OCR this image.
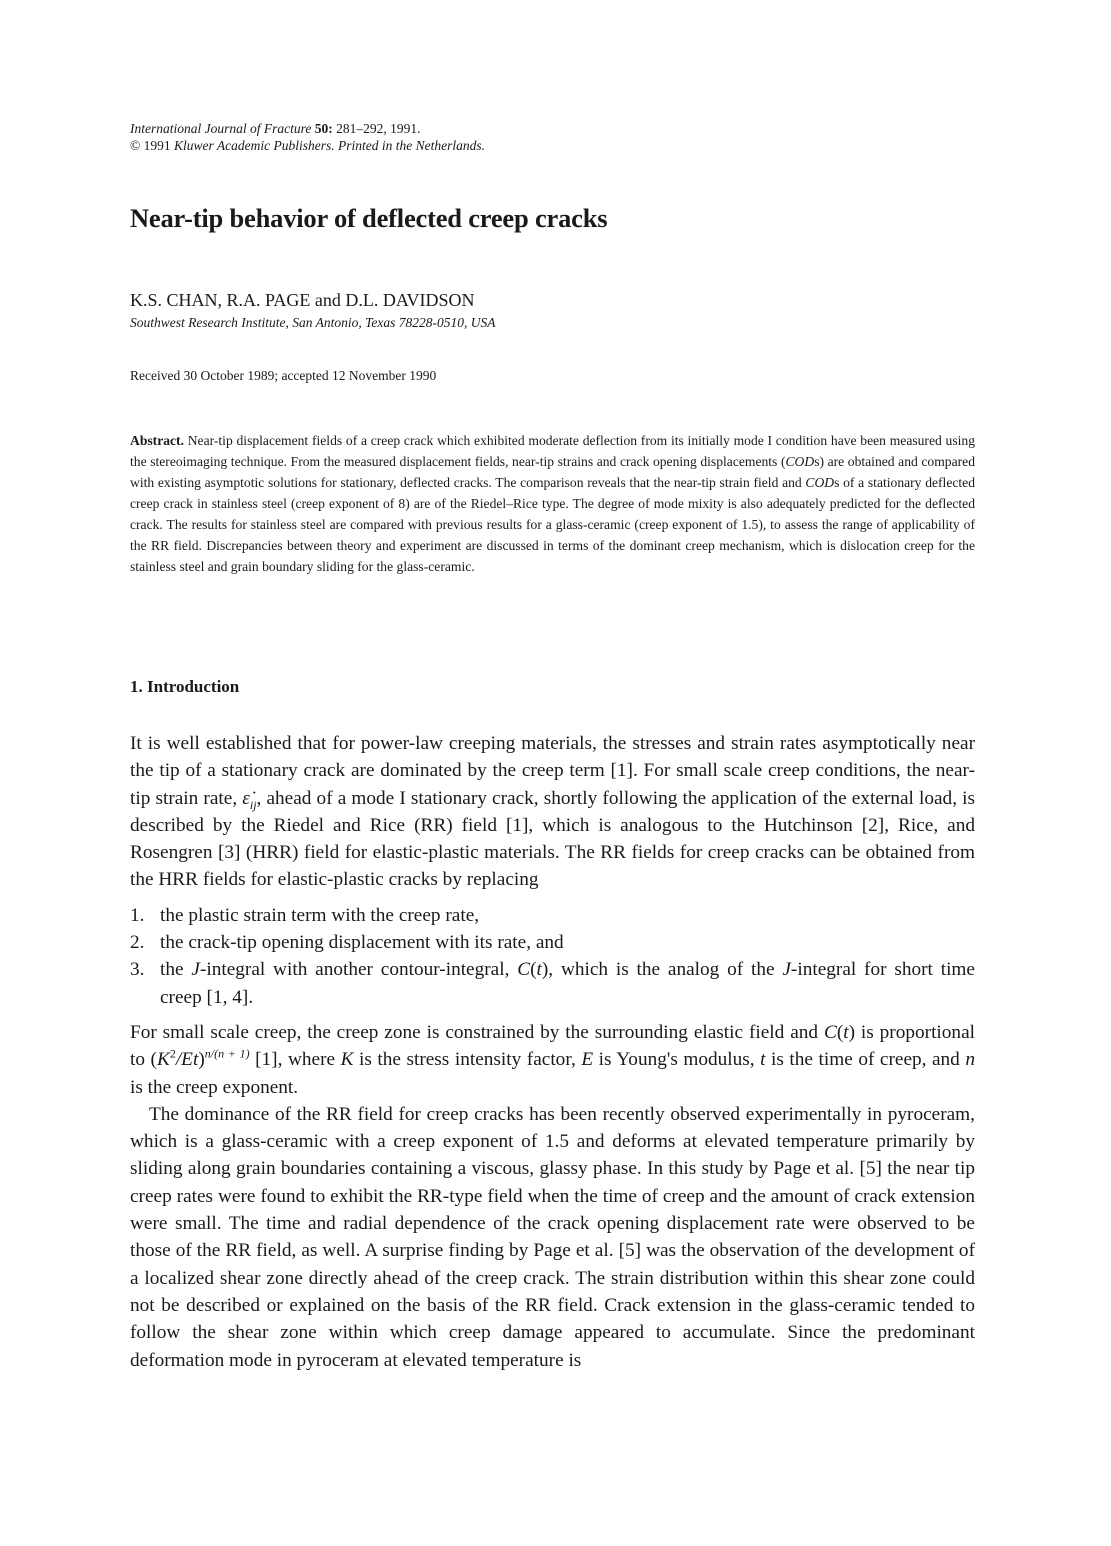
International Journal of Fracture 50: 281–292, 1991.
© 1991 Kluwer Academic Publishers. Printed in the Netherlands.
Near-tip behavior of deflected creep cracks
K.S. CHAN, R.A. PAGE and D.L. DAVIDSON
Southwest Research Institute, San Antonio, Texas 78228-0510, USA
Received 30 October 1989; accepted 12 November 1990
Abstract. Near-tip displacement fields of a creep crack which exhibited moderate deflection from its initially mode I condition have been measured using the stereoimaging technique. From the measured displacement fields, near-tip strains and crack opening displacements (CODs) are obtained and compared with existing asymptotic solutions for stationary, deflected cracks. The comparison reveals that the near-tip strain field and CODs of a stationary deflected creep crack in stainless steel (creep exponent of 8) are of the Riedel–Rice type. The degree of mode mixity is also adequately predicted for the deflected crack. The results for stainless steel are compared with previous results for a glass-ceramic (creep exponent of 1.5), to assess the range of applicability of the RR field. Discrepancies between theory and experiment are discussed in terms of the dominant creep mechanism, which is dislocation creep for the stainless steel and grain boundary sliding for the glass-ceramic.
1. Introduction

It is well established that for power-law creeping materials, the stresses and strain rates asymptotically near the tip of a stationary crack are dominated by the creep term [1]. For small scale creep conditions, the near-tip strain rate, $\varepsiloṅ_{ij}$, ahead of a mode I stationary crack, shortly following the application of the external load, is described by the Riedel and Rice (RR) field [1], which is analogous to the Hutchinson [2], Rice, and Rosengren [3] (HRR) field for elastic-plastic materials. The RR fields for creep cracks can be obtained from the HRR fields for elastic-plastic cracks by replacing

1. the plastic strain term with the creep rate,
2. the crack-tip opening displacement with its rate, and
3. the J-integral with another contour-integral, C(t), which is the analog of the J-integral for short time creep [1, 4].

For small scale creep, the creep zone is constrained by the surrounding elastic field and C(t) is proportional to $(K^2/Et)^{n/(n + 1)}$ [1], where K is the stress intensity factor, E is Young's modulus, t is the time of creep, and n is the creep exponent.

The dominance of the RR field for creep cracks has been recently observed experimentally in pyroceram, which is a glass-ceramic with a creep exponent of 1.5 and deforms at elevated temperature primarily by sliding along grain boundaries containing a viscous, glassy phase. In this study by Page et al. [5] the near tip creep rates were found to exhibit the RR-type field when the time of creep and the amount of crack extension were small. The time and radial dependence of the crack opening displacement rate were observed to be those of the RR field, as well. A surprise finding by Page et al. [5] was the observation of the development of a localized shear zone directly ahead of the creep crack. The strain distribution within this shear zone could not be described or explained on the basis of the RR field. Crack extension in the glass-ceramic tended to follow the shear zone within which creep damage appeared to accumulate. Since the predominant deformation mode in pyroceram at elevated temperature is
